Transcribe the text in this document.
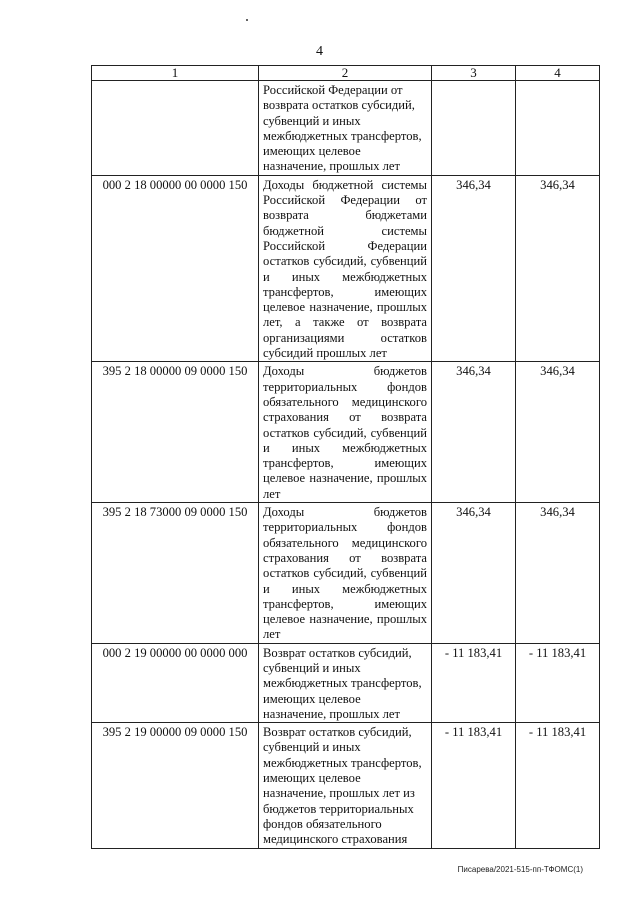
4
1	2	3	4
	Российской Федерации от возврата остатков субсидий, субвенций и иных межбюджетных трансфертов, имеющих целевое назначение, прошлых лет		
000 2 18 00000 00 0000 150	Доходы бюджетной системы Российской Федерации от возврата бюджетами бюджетной системы Российской Федерации остатков субсидий, субвенций и иных межбюджетных трансфертов, имеющих целевое назначение, прошлых лет, а также от возврата организациями остатков субсидий прошлых лет	346,34	346,34
395 2 18 00000 09 0000 150	Доходы бюджетов территориальных фондов обязательного медицинского страхования от возврата остатков субсидий, субвенций и иных межбюджетных трансфертов, имеющих целевое назначение, прошлых лет	346,34	346,34
395 2 18 73000 09 0000 150	Доходы бюджетов территориальных фондов обязательного медицинского страхования от возврата остатков субсидий, субвенций и иных межбюджетных трансфертов, имеющих целевое назначение, прошлых лет	346,34	346,34
000 2 19 00000 00 0000 000	Возврат остатков субсидий, субвенций и иных межбюджетных трансфертов, имеющих целевое назначение, прошлых лет	- 11 183,41	- 11 183,41
395 2 19 00000 09 0000 150	Возврат остатков субсидий, субвенций и иных межбюджетных трансфертов, имеющих целевое назначение, прошлых лет из бюджетов территориальных фондов обязательного медицинского страхования	- 11 183,41	- 11 183,41
Писарева/2021-515-пп-ТФОМС(1)
